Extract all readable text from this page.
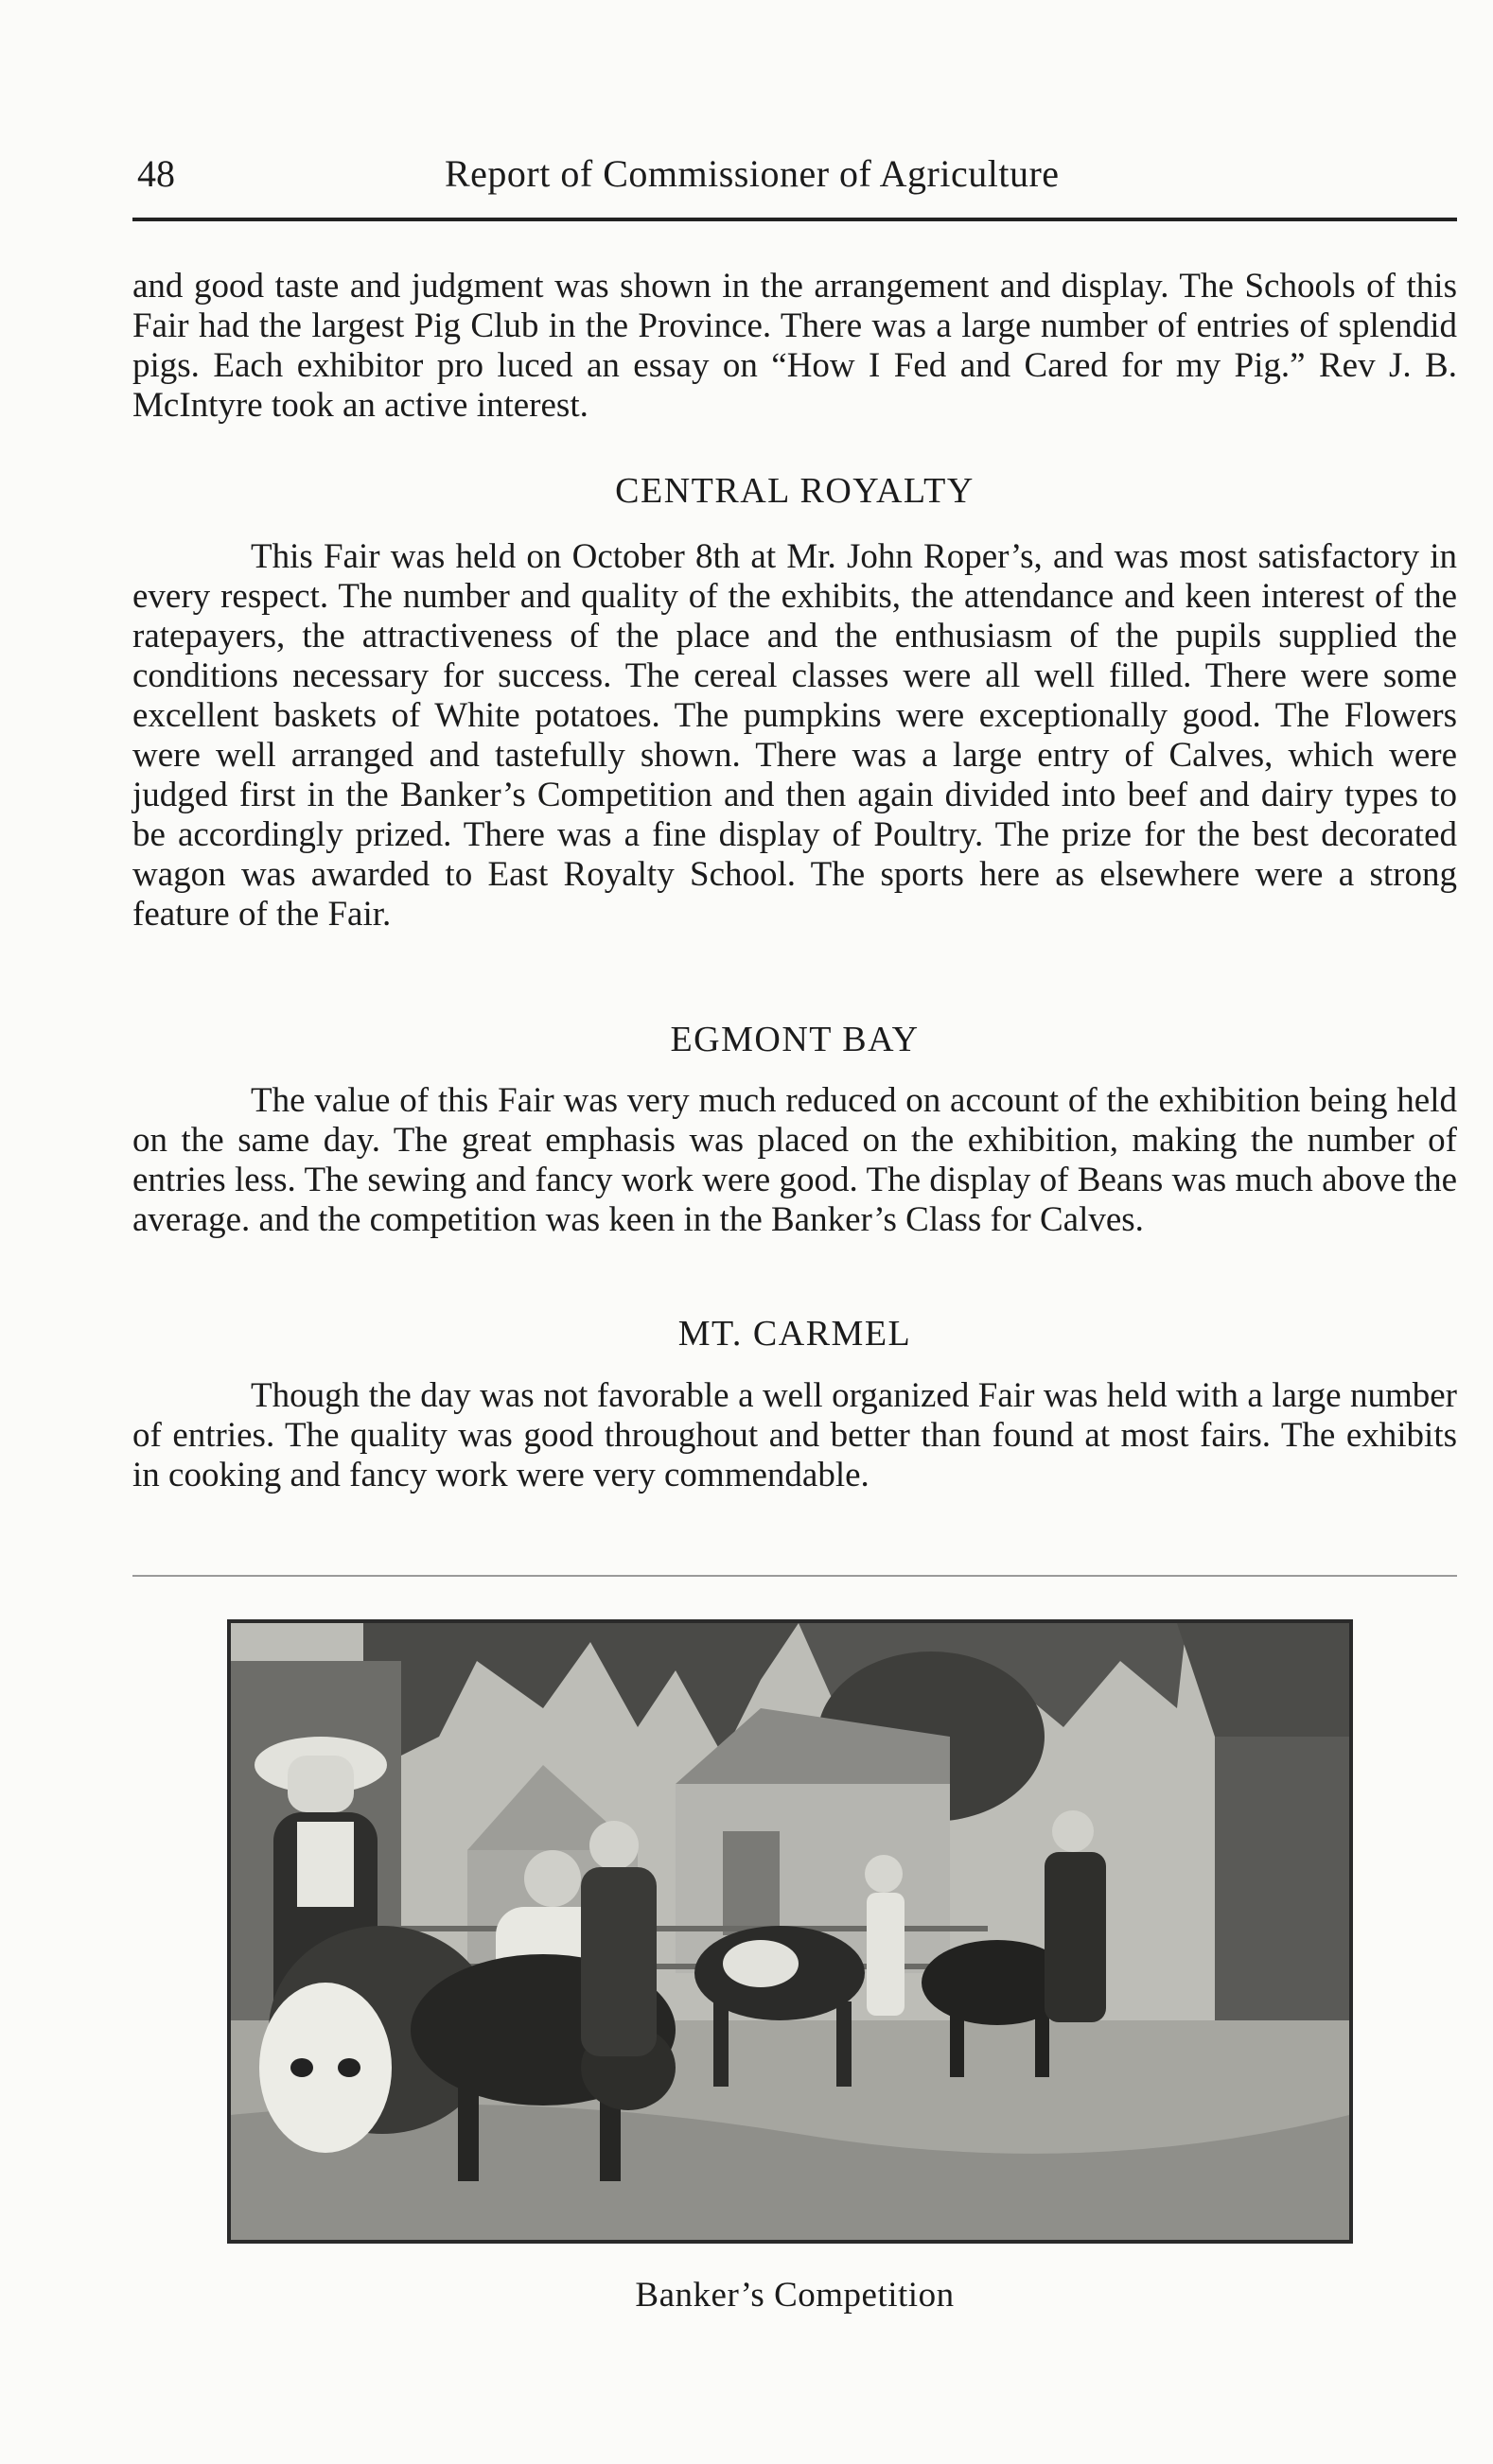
48	Report of Commissioner of Agriculture

and good taste and judgment was shown in the arrangement and display. The Schools of this Fair had the largest Pig Club in the Province. There was a large number of entries of splendid pigs. Each exhibitor pro luced an essay on “How I Fed and Cared for my Pig.” Rev J. B. McIntyre took an active interest.

CENTRAL ROYALTY

This Fair was held on October 8th at Mr. John Roper’s, and was most satisfactory in every respect. The number and quality of the exhibits, the attendance and keen interest of the ratepayers, the attractiveness of the place and the enthusiasm of the pupils supplied the conditions necessary for success. The cereal classes were all well filled. There were some excellent baskets of White potatoes. The pumpkins were exceptionally good. The Flowers were well arranged and tastefully shown. There was a large entry of Calves, which were judged first in the Banker’s Competition and then again divided into beef and dairy types to be accordingly prized. There was a fine display of Poultry. The prize for the best decorated wagon was awarded to East Royalty School. The sports here as elsewhere were a strong feature of the Fair.

EGMONT BAY

The value of this Fair was very much reduced on account of the exhibition being held on the same day. The great emphasis was placed on the exhibition, making the number of entries less. The sewing and fancy work were good. The display of Beans was much above the average. and the competition was keen in the Banker’s Class for Calves.

MT. CARMEL

Though the day was not favorable a well organized Fair was held with a large number of entries. The quality was good throughout and better than found at most fairs. The exhibits in cooking and fancy work were very commendable.

Banker’s Competition
